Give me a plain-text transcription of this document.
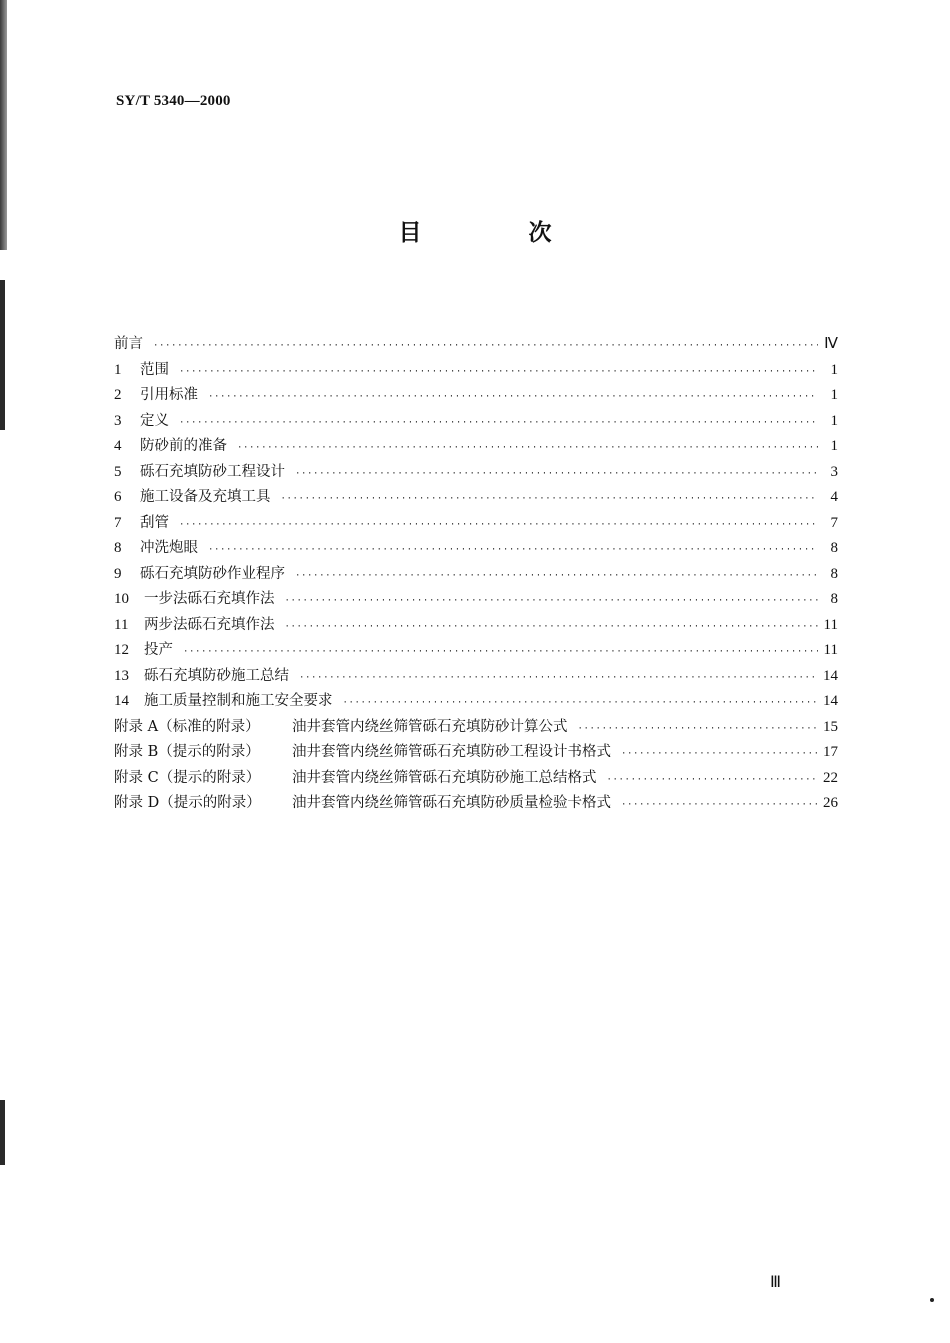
SY/T 5340—2000
目　次
前言 ·····	Ⅳ
1	范围 ·····	1
2	引用标准 ·····	1
3	定义 ·····	1
4	防砂前的准备 ·····	1
5	砾石充填防砂工程设计 ·····	3
6	施工设备及充填工具 ·····	4
7	刮管 ·····	7
8	冲洗炮眼 ·····	8
9	砾石充填防砂作业程序 ·····	8
10	一步法砾石充填作法 ·····	8
11	两步法砾石充填作法 ·····	11
12	投产 ·····	11
13	砾石充填防砂施工总结 ·····	14
14	施工质量控制和施工安全要求 ·····	14
附录 A（标准的附录）	油井套管内绕丝筛管砾石充填防砂计算公式 ·····	15
附录 B（提示的附录）	油井套管内绕丝筛管砾石充填防砂工程设计书格式 ·····	17
附录 C（提示的附录）	油井套管内绕丝筛管砾石充填防砂施工总结格式 ·····	22
附录 D（提示的附录）	油井套管内绕丝筛管砾石充填防砂质量检验卡格式 ·····	26
Ⅲ
